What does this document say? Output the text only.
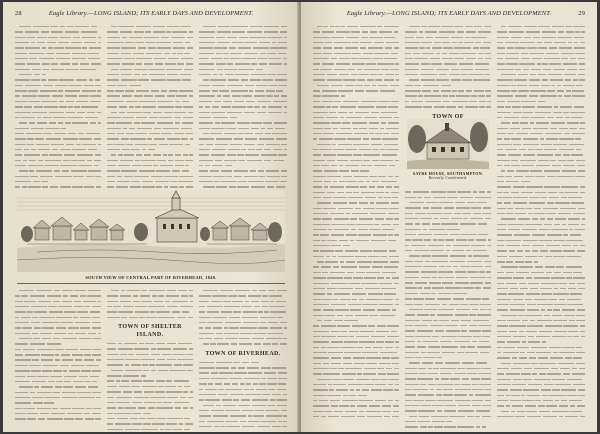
28	Eagle Library.—LONG ISLAND; ITS EARLY DAYS AND DEVELOPMENT.
SOUTH VIEW OF CENTRAL PART OF RIVERHEAD, 1840.
TOWN OF SHELTER ISLAND.
TOWN OF RIVERHEAD.
Eagle Library.—LONG ISLAND; ITS EARLY DAYS AND DEVELOPMENT.	29
TOWN OF
SAYRE HOUSE, SOUTHAMPTON.
Recently Condemned.
